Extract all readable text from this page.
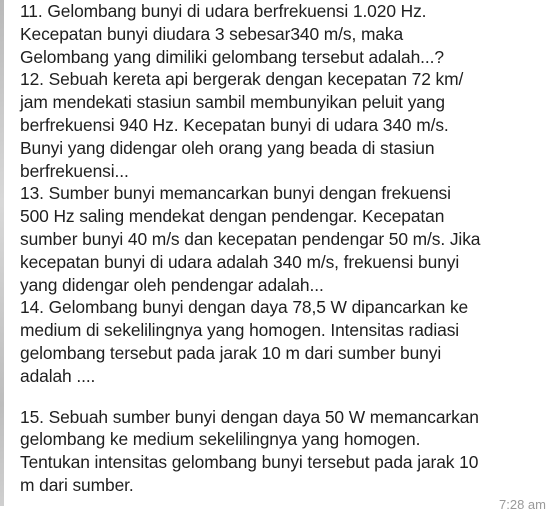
11. Gelombang bunyi di udara berfrekuensi 1.020 Hz.
Kecepatan bunyi diudara 3 sebesar340 m/s, maka
Gelombang yang dimiliki gelombang tersebut adalah...?
12. Sebuah kereta api bergerak dengan kecepatan 72 km/
jam mendekati stasiun sambil membunyikan peluit yang
berfrekuensi 940 Hz. Kecepatan bunyi di udara 340 m/s.
Bunyi yang didengar oleh orang yang beada di stasiun
berfrekuensi...
13. Sumber bunyi memancarkan bunyi dengan frekuensi
500 Hz saling mendekat dengan pendengar. Kecepatan
sumber bunyi 40 m/s dan kecepatan pendengar 50 m/s. Jika
kecepatan bunyi di udara adalah 340 m/s, frekuensi bunyi
yang didengar oleh pendengar adalah...
14. Gelombang bunyi dengan daya 78,5 W dipancarkan ke
medium di sekelilingnya yang homogen. Intensitas radiasi
gelombang tersebut pada jarak 10 m dari sumber bunyi
adalah ....
15. Sebuah sumber bunyi dengan daya 50 W memancarkan
gelombang ke medium sekelilingnya yang homogen.
Tentukan intensitas gelombang bunyi tersebut pada jarak 10
m dari sumber.
7:28 am
